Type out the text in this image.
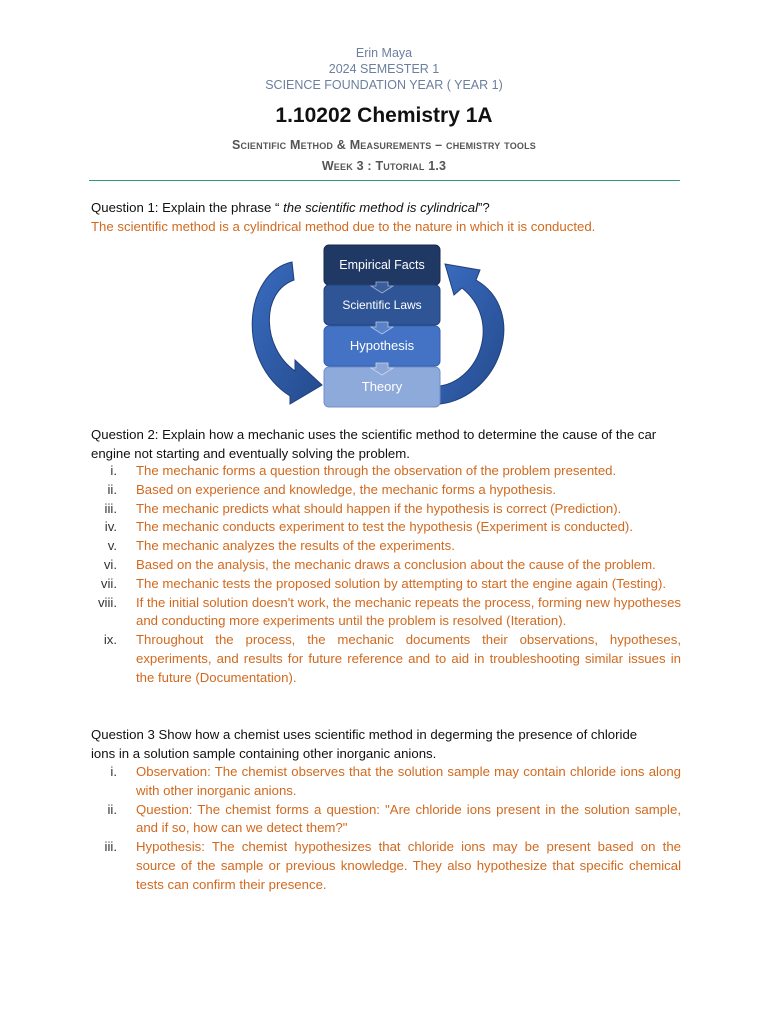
Erin Maya
2024 SEMESTER 1
SCIENCE FOUNDATION YEAR ( YEAR 1)
1.10202 Chemistry 1A
Scientific Method & Measurements – chemistry tools
Week 3 : Tutorial 1.3
Question 1: Explain the phrase “ the scientific method is cylindrical”?
The scientific method is a cylindrical method due to the nature in which it is conducted.
Empirical Facts
Scientific Laws
Hypothesis
Theory
Question 2: Explain how a mechanic uses the scientific method to determine the cause of the car
engine not starting and eventually solving the problem.
i. The mechanic forms a question through the observation of the problem presented.
ii. Based on experience and knowledge, the mechanic forms a hypothesis.
iii. The mechanic predicts what should happen if the hypothesis is correct (Prediction).
iv. The mechanic conducts experiment to test the hypothesis (Experiment is conducted).
v. The mechanic analyzes the results of the experiments.
vi. Based on the analysis, the mechanic draws a conclusion about the cause of the problem.
vii. The mechanic tests the proposed solution by attempting to start the engine again (Testing).
viii. If the initial solution doesn't work, the mechanic repeats the process, forming new hypotheses and conducting more experiments until the problem is resolved (Iteration).
ix. Throughout the process, the mechanic documents their observations, hypotheses, experiments, and results for future reference and to aid in troubleshooting similar issues in the future (Documentation).
Question 3 Show how a chemist uses scientific method in degerming the presence of chloride
ions in a solution sample containing other inorganic anions.
i. Observation: The chemist observes that the solution sample may contain chloride ions along with other inorganic anions.
ii. Question: The chemist forms a question: "Are chloride ions present in the solution sample, and if so, how can we detect them?"
iii. Hypothesis: The chemist hypothesizes that chloride ions may be present based on the source of the sample or previous knowledge. They also hypothesize that specific chemical tests can confirm their presence.
